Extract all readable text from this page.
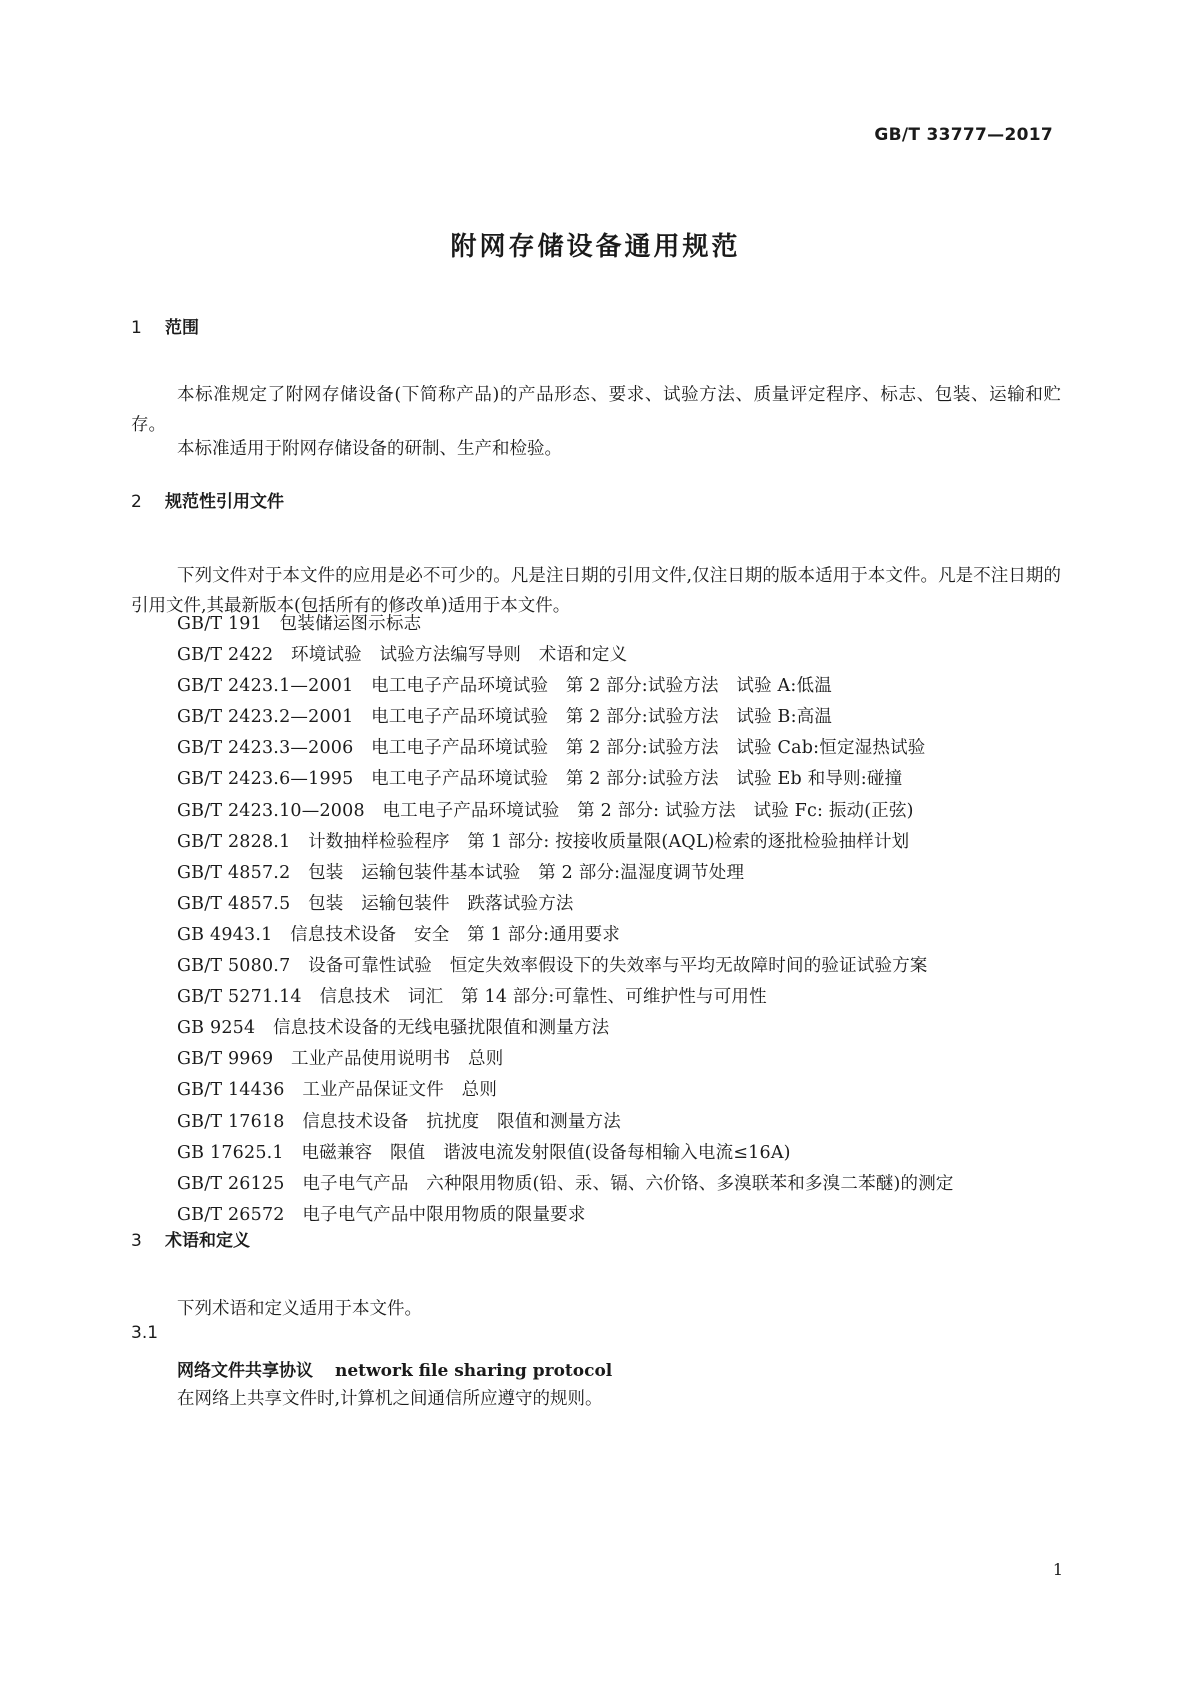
GB/T 33777—2017
附网存储设备通用规范
1 范围

本标准规定了附网存储设备(下简称产品)的产品形态、要求、试验方法、质量评定程序、标志、包装、运输和贮存。

本标准适用于附网存储设备的研制、生产和检验。

2 规范性引用文件

下列文件对于本文件的应用是必不可少的。凡是注日期的引用文件,仅注日期的版本适用于本文件。凡是不注日期的引用文件,其最新版本(包括所有的修改单)适用于本文件。

GB/T 191　包装储运图示标志
GB/T 2422　环境试验　试验方法编写导则　术语和定义
GB/T 2423.1—2001　电工电子产品环境试验　第 2 部分:试验方法　试验 A:低温
GB/T 2423.2—2001　电工电子产品环境试验　第 2 部分:试验方法　试验 B:高温
GB/T 2423.3—2006　电工电子产品环境试验　第 2 部分:试验方法　试验 Cab:恒定湿热试验
GB/T 2423.6—1995　电工电子产品环境试验　第 2 部分:试验方法　试验 Eb 和导则:碰撞
GB/T 2423.10—2008　电工电子产品环境试验　第 2 部分: 试验方法　试验 Fc: 振动(正弦)
GB/T 2828.1　计数抽样检验程序　第 1 部分: 按接收质量限(AQL)检索的逐批检验抽样计划
GB/T 4857.2　包装　运输包装件基本试验　第 2 部分:温湿度调节处理
GB/T 4857.5　包装　运输包装件　跌落试验方法
GB 4943.1　信息技术设备　安全　第 1 部分:通用要求
GB/T 5080.7　设备可靠性试验　恒定失效率假设下的失效率与平均无故障时间的验证试验方案
GB/T 5271.14　信息技术　词汇　第 14 部分:可靠性、可维护性与可用性
GB 9254　信息技术设备的无线电骚扰限值和测量方法
GB/T 9969　工业产品使用说明书　总则
GB/T 14436　工业产品保证文件　总则
GB/T 17618　信息技术设备　抗扰度　限值和测量方法
GB 17625.1　电磁兼容　限值　谐波电流发射限值(设备每相输入电流≤16A)
GB/T 26125　电子电气产品　六种限用物质(铅、汞、镉、六价铬、多溴联苯和多溴二苯醚)的测定
GB/T 26572　电子电气产品中限用物质的限量要求
3 术语和定义

下列术语和定义适用于本文件。

3.1
网络文件共享协议 network file sharing protocol
在网络上共享文件时,计算机之间通信所应遵守的规则。
1
